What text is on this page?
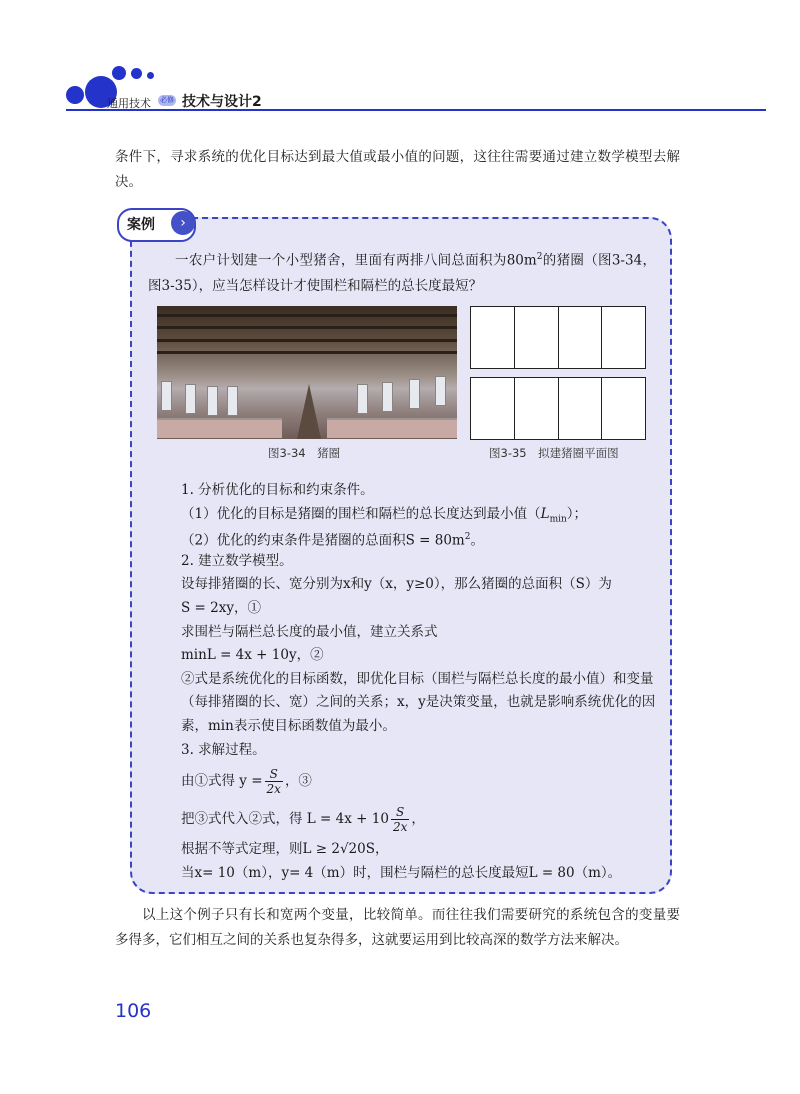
通用技术 必修 技术与设计2
条件下，寻求系统的优化目标达到最大值或最小值的问题，这往往需要通过建立数学模型去解决。
案例	›
一农户计划建一个小型猪舍，里面有两排八间总面积为$80m^2$的猪圈（图3-34，图3-35），应当怎样设计才使围栏和隔栏的总长度最短？
图3-34　猪圈	图3-35　拟建猪圈平面图
1. 分析优化的目标和约束条件。
（1）优化的目标是猪圈的围栏和隔栏的总长度达到最小值$(L_{min})$；
（2）优化的约束条件是猪圈的总面积$S = 80m^2$。
2. 建立数学模型。
设每排猪圈的长、宽分别为x和y（x，y≥0），那么猪圈的总面积（S）为
S = 2xy，①
求围栏与隔栏总长度的最小值，建立关系式
minL = 4x + 10y，②
②式是系统优化的目标函数，即优化目标（围栏与隔栏总长度的最小值）和变量（每排猪圈的长、宽）之间的关系；x，y是决策变量，也就是影响系统优化的因素，min表示使目标函数值为最小。
3. 求解过程。
由①式得 $y = \frac{S}{2x}$ ，③
把③式代入②式，得 $L = 4x + 10 \frac{S}{2x}$ ，
根据不等式定理，则L ≥ 2√20S，
当x= 10（m），y= 4（m）时，围栏与隔栏的总长度最短L = 80（m）。
以上这个例子只有长和宽两个变量，比较简单。而往往我们需要研究的系统包含的变量要多得多，它们相互之间的关系也复杂得多，这就要运用到比较高深的数学方法来解决。
106
